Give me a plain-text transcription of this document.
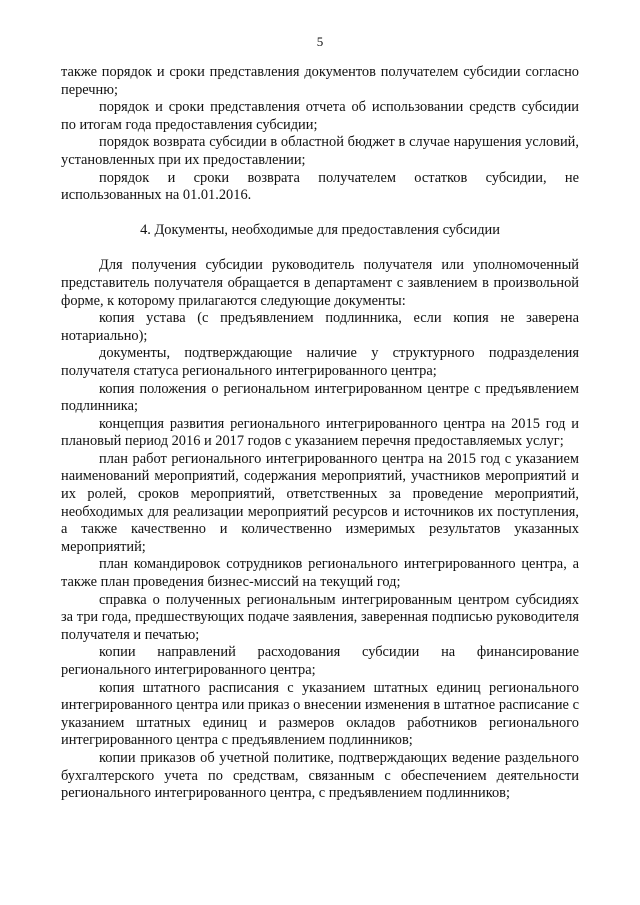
5

также порядок и сроки представления документов получателем субсидии согласно перечню;

порядок и сроки представления отчета об использовании средств субсидии по итогам года предоставления субсидии;

порядок возврата субсидии в областной бюджет в случае нарушения условий, установленных при их предоставлении;

порядок и сроки возврата получателем остатков субсидии, не использованных на 01.01.2016.

4. Документы, необходимые для предоставления субсидии

Для получения субсидии руководитель получателя или уполномоченный представитель получателя обращается в департамент с заявлением в произвольной форме, к которому прилагаются следующие документы:

копия устава (с предъявлением подлинника, если копия не заверена нотариально);

документы, подтверждающие наличие у структурного подразделения получателя статуса регионального интегрированного центра;

копия положения о региональном интегрированном центре с предъявлением подлинника;

концепция развития регионального интегрированного центра на 2015 год и плановый период 2016 и 2017 годов с указанием перечня предоставляемых услуг;

план работ регионального интегрированного центра на 2015 год с указанием наименований мероприятий, содержания мероприятий, участников мероприятий и их ролей, сроков мероприятий, ответственных за проведение мероприятий, необходимых для реализации мероприятий ресурсов и источников их поступления, а также качественно и количественно измеримых результатов указанных мероприятий;

план командировок сотрудников регионального интегрированного центра, а также план проведения бизнес-миссий на текущий год;

справка о полученных региональным интегрированным центром субсидиях за три года, предшествующих подаче заявления, заверенная подписью руководителя получателя и печатью;

копии направлений расходования субсидии на финансирование регионального интегрированного центра;

копия штатного расписания с указанием штатных единиц регионального интегрированного центра или приказ о внесении изменения в штатное расписание с указанием штатных единиц и размеров окладов работников регионального интегрированного центра с предъявлением подлинников;

копии приказов об учетной политике, подтверждающих ведение раздельного бухгалтерского учета по средствам, связанным с обеспечением деятельности регионального интегрированного центра, с предъявлением подлинников;
